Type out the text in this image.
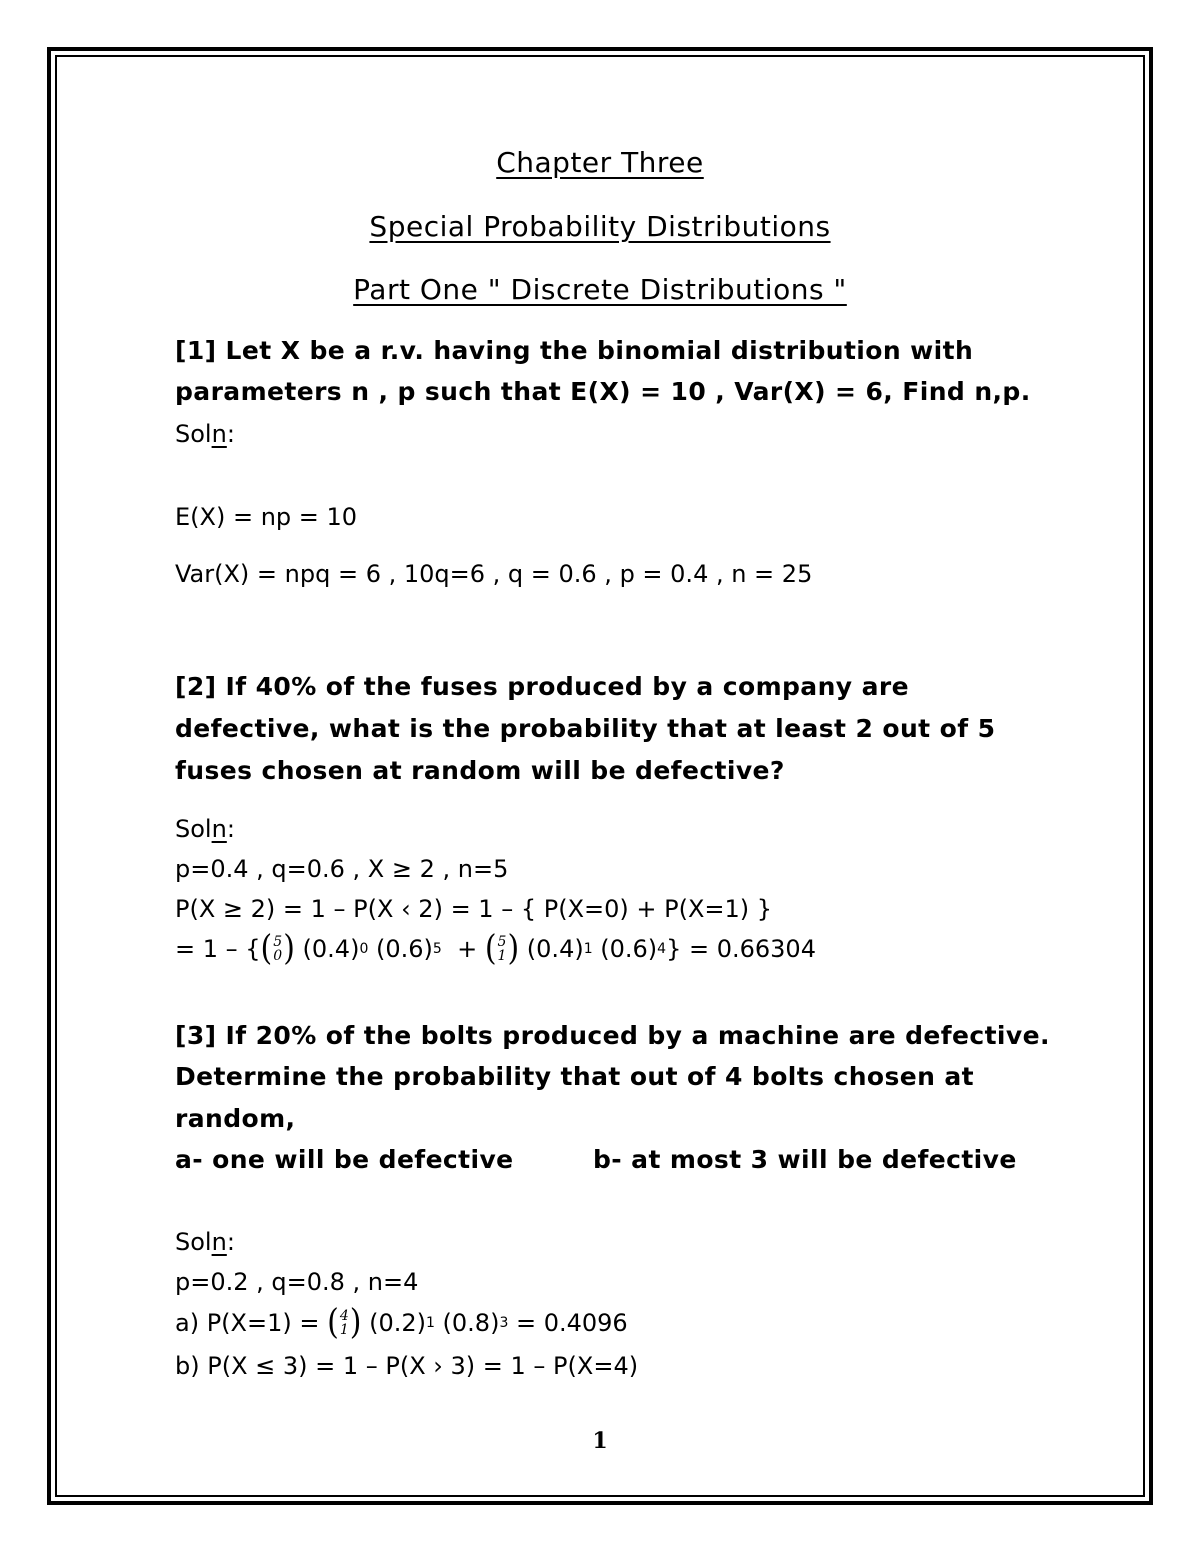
Chapter Three
Special Probability Distributions
Part One " Discrete Distributions "
[1] Let X be a r.v. having the binomial distribution with
parameters n , p such that E(X) = 10 , Var(X) = 6, Find n,p.
Soln:
E(X) = np = 10
Var(X) = npq = 6 , 10q=6 , q = 0.6 , p = 0.4 , n = 25
[2] If 40% of the fuses produced by a company are
defective, what is the probability that at least 2 out of 5
fuses chosen at random will be defective?
Soln:
p=0.4 , q=0.6 , X ≥ 2 , n=5
P(X ≥ 2) = 1 – P(X ‹ 2) = 1 – { P(X=0) + P(X=1) }
= 1 – { ( 5
0 ) (0.4) 0 (0.6) 5 + ( 5
1 ) (0.4) 1 (0.6) 4 } = 0.66304
[3] If 20% of the bolts produced by a machine are defective.
Determine the probability that out of 4 bolts chosen at
random,
a- one will be defective	b- at most 3 will be defective
Soln:
p=0.2 , q=0.8 , n=4
a) P(X=1) = ( 4
1 ) (0.2) 1 (0.8) 3 = 0.4096
b) P(X ≤ 3) = 1 – P(X › 3) = 1 – P(X=4)
1
